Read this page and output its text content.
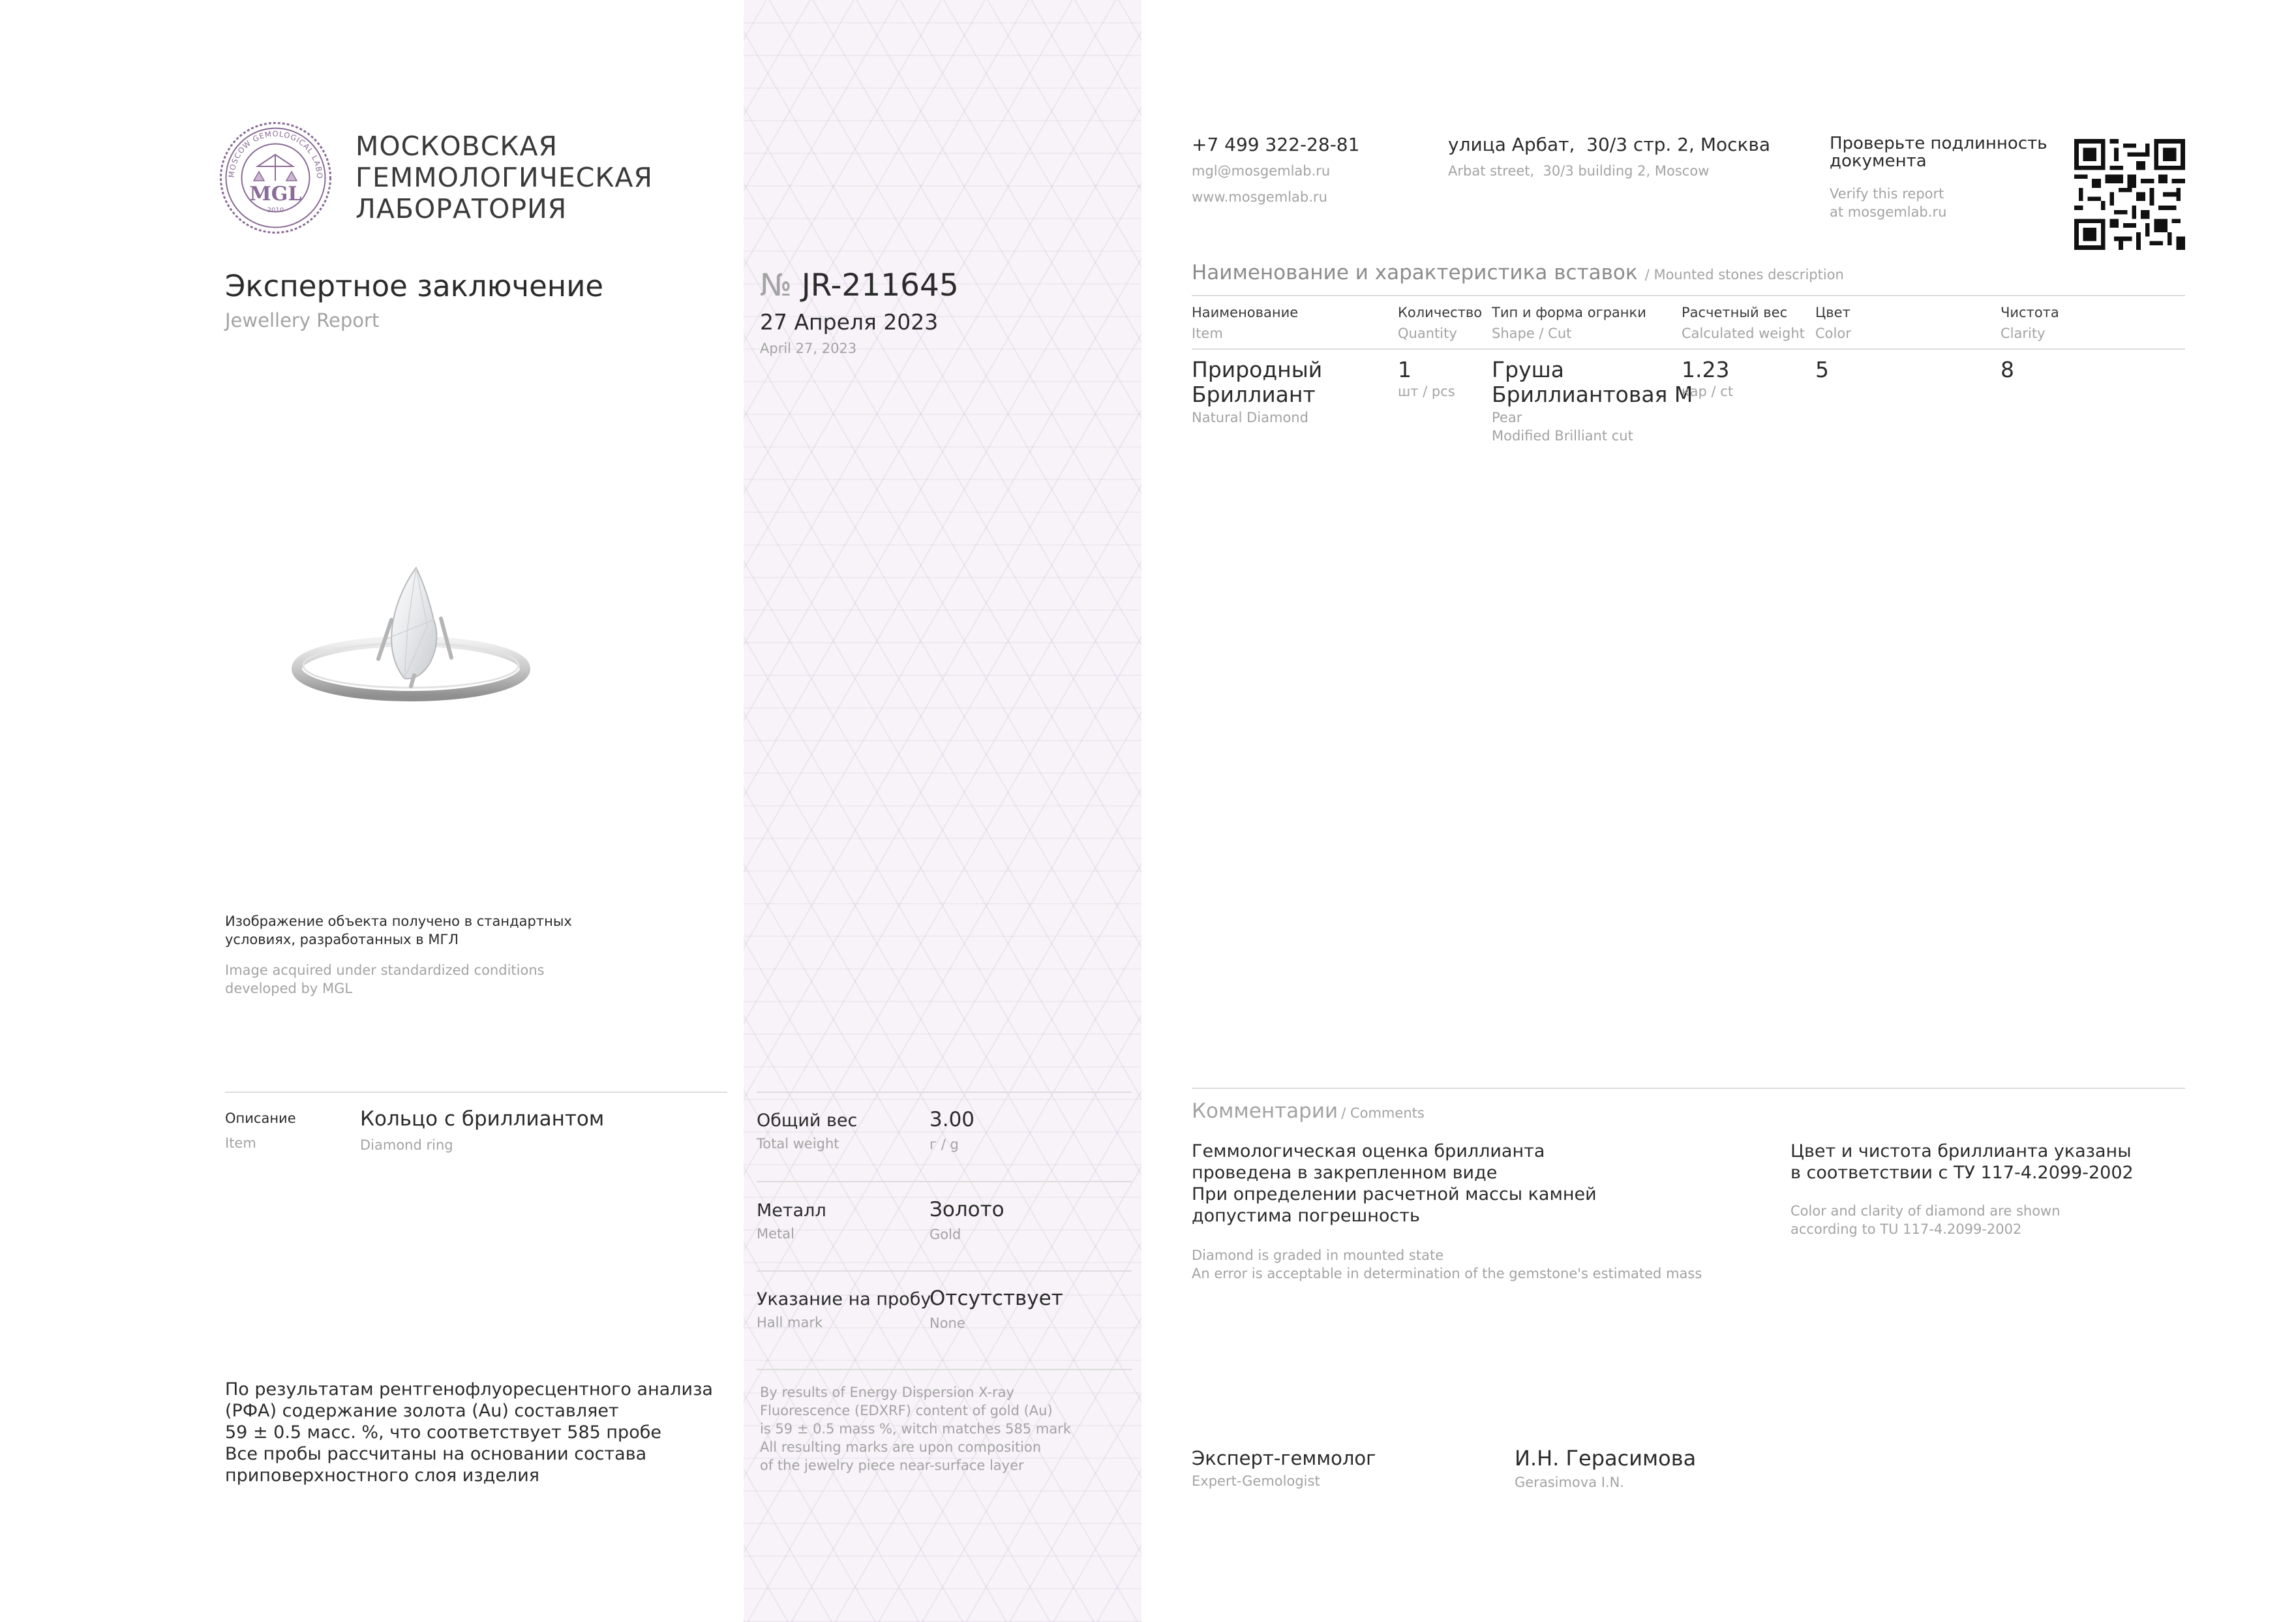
MOSCOW GEMOLOGICAL LABO
MGL
2010
МОСКОВСКАЯ
ГЕММОЛОГИЧЕСКАЯ
ЛАБОРАТОРИЯ
Экспертное заключение
Jewellery Report
№ JR-211645
27 Апреля 2023
April 27, 2023
+7 499 322-28-81
mgl@mosgemlab.ru
www.mosgemlab.ru
улица Арбат,  30/3 стр. 2, Москва
Arbat street,  30/3 building 2, Moscow
Проверьте подлинность
документа
Verify this report
at mosgemlab.ru
Наименование и характеристика вставок / Mounted stones description
Наименование
Item
Количество
Quantity
Тип и форма огранки
Shape / Cut
Расчетный вес
Calculated weight
Цвет
Color
Чистота
Clarity
Природный
Бриллиант
Natural Diamond
1
шт / pcs
Груша
Бриллиантовая М
Pear
Modified Brilliant cut
1.23
кар / ct
5	8
Изображение объекта получено в стандартных
условиях, разработанных в МГЛ
Image acquired under standardized conditions
developed by MGL
Описание
Item
Кольцо с бриллиантом
Diamond ring
Общий вес
Total weight
3.00
г / g
Металл
Metal
Золото
Gold
Указание на пробу
Hall mark
Отсутствует
None
По результатам рентгенофлуоресцентного анализа
(РФА) содержание золота (Au) составляет
59 ± 0.5 масс. %, что соответствует 585 пробе
Все пробы рассчитаны на основании состава
приповерхностного слоя изделия
By results of Energy Dispersion X-ray
Fluorescence (EDXRF) content of gold (Au)
is 59 ± 0.5 mass %, witch matches 585 mark
All resulting marks are upon composition
of the jewelry piece near-surface layer
Комментарии / Comments
Геммологическая оценка бриллианта
проведена в закрепленном виде
При определении расчетной массы камней
допустима погрешность
Diamond is graded in mounted state
An error is acceptable in determination of the gemstone's estimated mass
Цвет и чистота бриллианта указаны
в соответствии с ТУ 117-4.2099-2002
Color and clarity of diamond are shown
according to TU 117-4.2099-2002
Эксперт-геммолог
Expert-Gemologist
И.Н. Герасимова
Gerasimova I.N.
